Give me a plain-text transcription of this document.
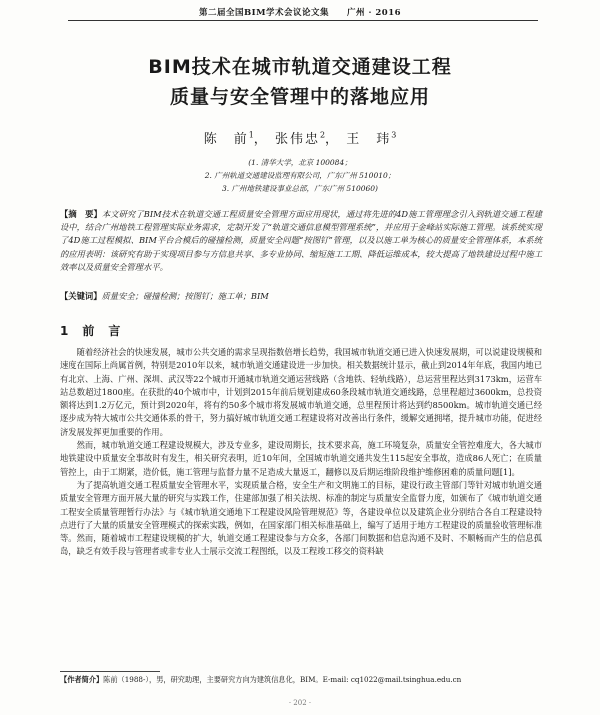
第二届全国BIM学术会议论文集　　广州 · 2016
BIM技术在城市轨道交通建设工程
质量与安全管理中的落地应用
陈　前$^1$， 张伟忠$^2$， 王　玮$^3$
(1. 清华大学，北京 100084；
2. 广州轨道交通建设监理有限公司，广东广州 510010；
3. 广州地铁建设事业总部，广东广州 510060)
【摘　要】本文研究了BIM技术在轨道交通工程质量安全管理方面应用现状，通过将先进的4D施工管理理念引入到轨道交通工程建设中，结合广州地铁工程管理实际业务需求，定制开发了“轨道交通信息模型管理系统”，并应用于金峰站实际施工管理。该系统实现了4D施工过程模拟、BIM平台合模后的碰撞检测，质量安全问题“按图钉”管理，以及以施工单为核心的质量安全管理体系，本系统的应用表明：该研究有助于实现项目参与方信息共享、多专业协同、缩短施工工期、降低运维成本，较大提高了地铁建设过程中施工效率以及质量安全管理水平。
【关键词】质量安全；碰撞检测；按图钉；施工单；BIM
1　前　言

随着经济社会的快速发展，城市公共交通的需求呈现指数倍增长趋势，我国城市轨道交通已进入快速发展期，可以说建设规模和速度在国际上尚属首例，特别是2010年以来，城市轨道交通建设进一步加快。相关数据统计显示，截止到2014年年底，我国内地已有北京、上海、广州、深圳、武汉等22个城市开通城市轨道交通运营线路（含地铁、轻轨线路），总运营里程达到3173km，运营车站总数超过1800座。在获批的40个城市中，计划到2015年前后规划建成60条段城市轨道交通线路，总里程超过3600km，总投资额将达到1.2万亿元，预计到2020年，将有约50多个城市将发展城市轨道交通，总里程预计将达到约8500km。城市轨道交通已经逐步成为特大城市公共交通体系的骨干，努力搞好城市轨道交通工程建设将对改善出行条件，缓解交通拥堵，提升城市功能，促进经济发展发挥更加重要的作用。

然而，城市轨道交通工程建设规模大，涉及专业多，建设周期长，技术要求高，施工环境复杂，质量安全管控难度大，各大城市地铁建设中质量安全事故时有发生，相关研究表明，近10年间，全国城市轨道交通共发生115起安全事故，造成86人死亡；在质量管控上，由于工期紧，造价低，施工管理与监督力量不足造成大量返工，翻修以及后期运维阶段维护维修困难的质量问题[1]。

为了提高轨道交通工程质量安全管理水平，实现质量合格，安全生产和文明施工的目标，建设行政主管部门等针对城市轨道交通质量安全管理方面开展大量的研究与实践工作，住建部加强了相关法规、标准的制定与质量安全监督力度，如颁布了《城市轨道交通工程安全质量管理暂行办法》与《城市轨道交通地下工程建设风险管理规范》等，各建设单位以及建筑企业分别结合各自工程建设特点进行了大量的质量安全管理模式的探索实践，例如，在国家部门相关标准基础上，编写了适用于地方工程建设的质量验收管理标准等。然而，随着城市工程建设规模的扩大，轨道交通工程建设参与方众多，各部门间数据和信息沟通不及时、不顺畅而产生的信息孤岛，缺乏有效手段与管理者或非专业人士展示交流工程图纸，以及工程竣工移交的资料缺

【作者简介】陈前（1988-），男，研究助理，主要研究方向为建筑信息化，BIM。E-mail: cq1022@mail.tsinghua.edu.cn
· 202 ·
